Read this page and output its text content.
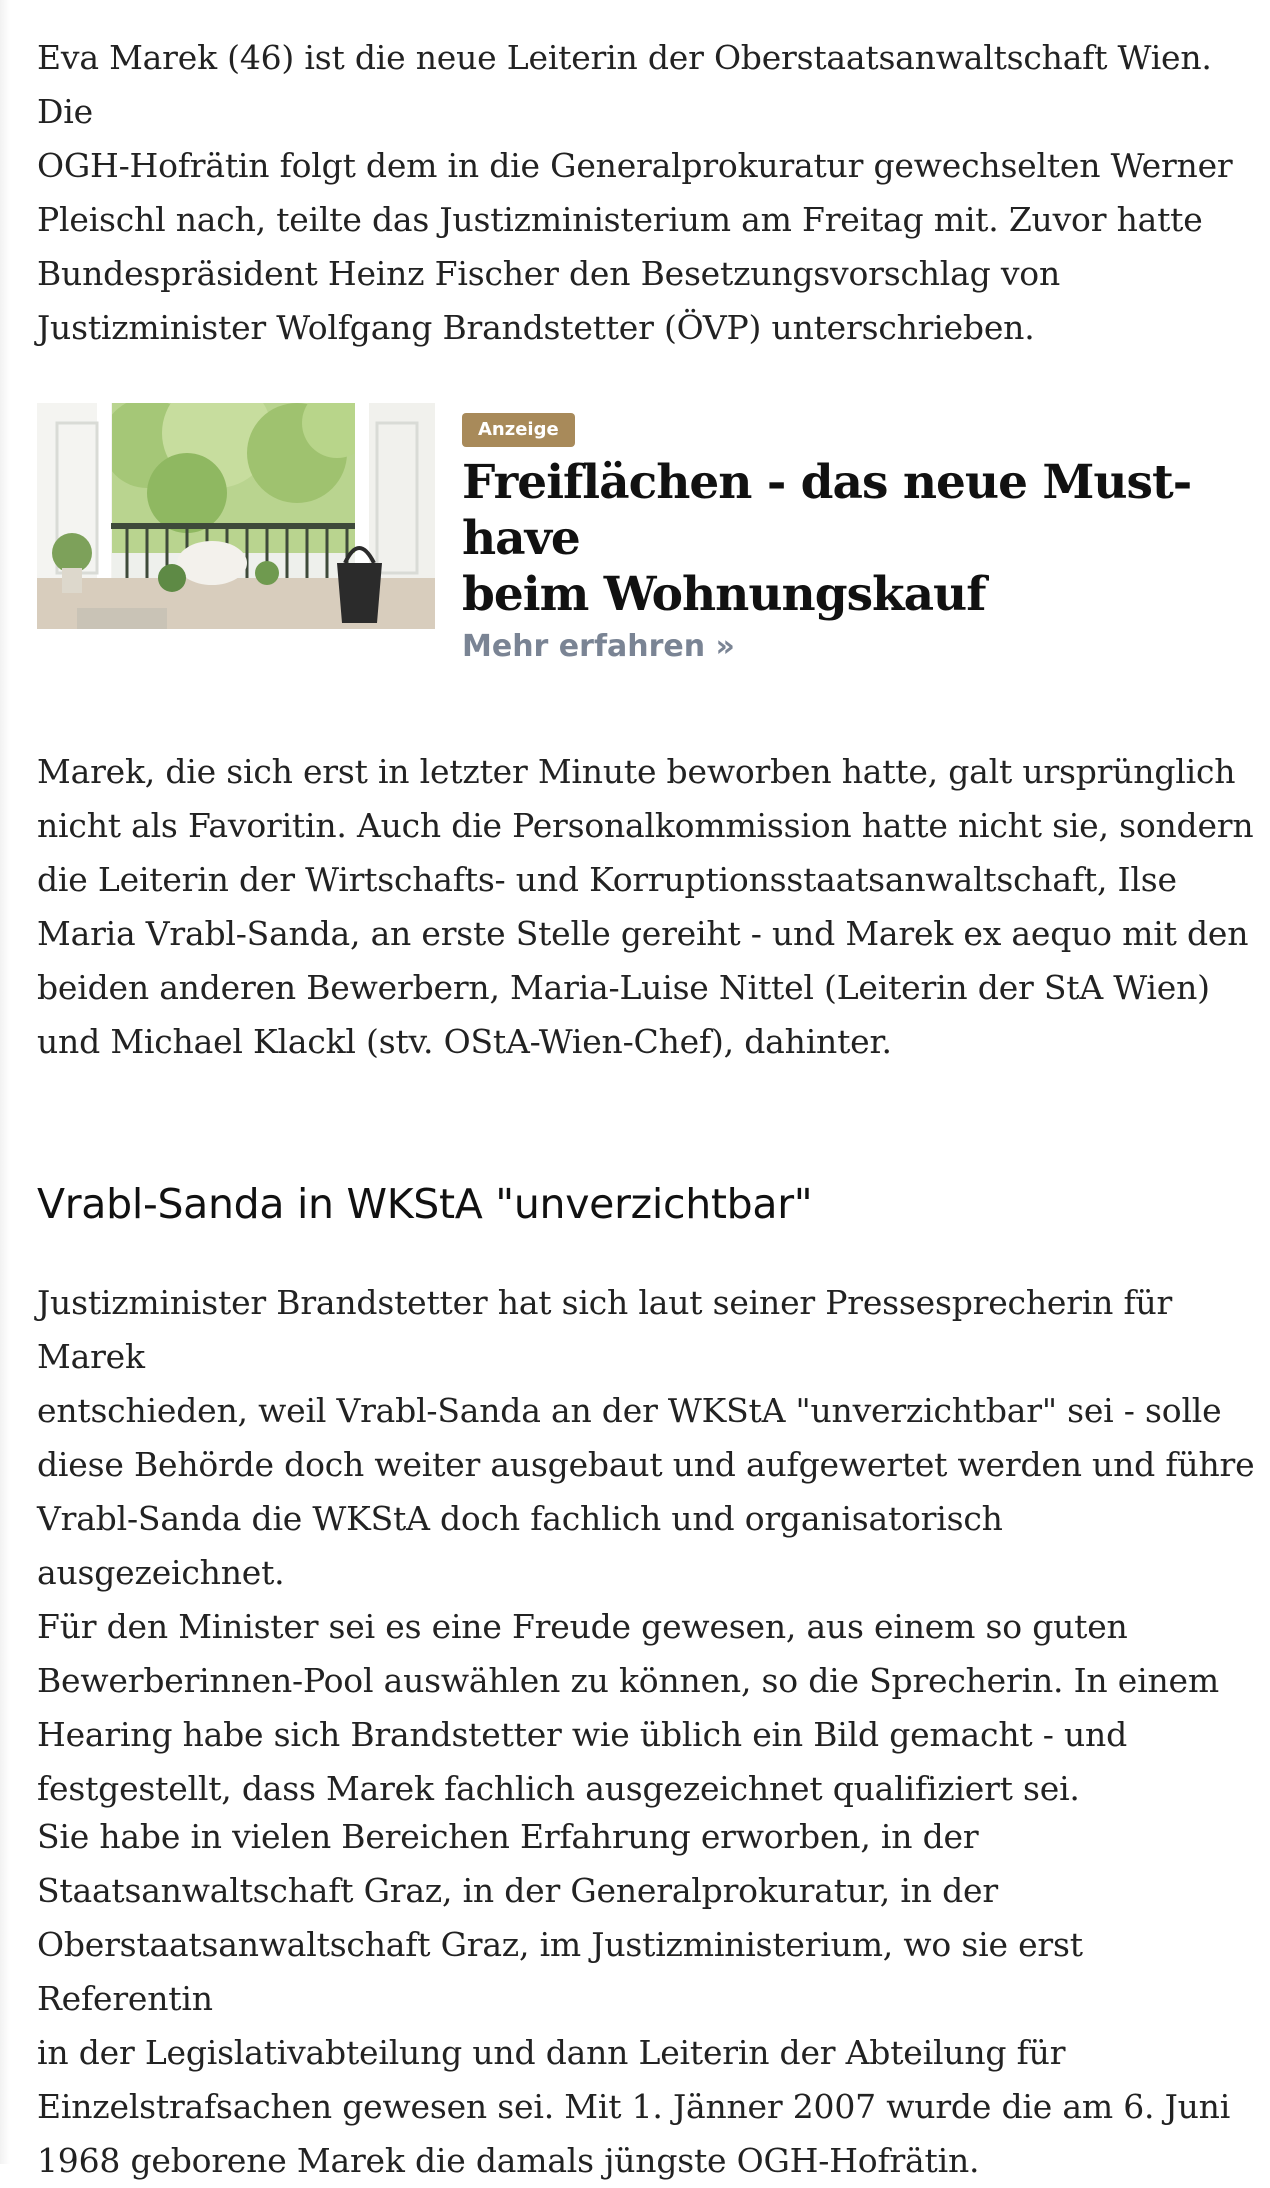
Eva Marek (46) ist die neue Leiterin der Oberstaatsanwaltschaft Wien. Die
OGH-Hofrätin folgt dem in die Generalprokuratur gewechselten Werner
Pleischl nach, teilte das Justizministerium am Freitag mit. Zuvor hatte
Bundespräsident Heinz Fischer den Besetzungsvorschlag von
Justizminister Wolfgang Brandstetter (ÖVP) unterschrieben.

Anzeige
Freiflächen - das neue Must-have
beim Wohnungskauf
Mehr erfahren »

Marek, die sich erst in letzter Minute beworben hatte, galt ursprünglich
nicht als Favoritin. Auch die Personalkommission hatte nicht sie, sondern
die Leiterin der Wirtschafts- und Korruptionsstaatsanwaltschaft, Ilse
Maria Vrabl-Sanda, an erste Stelle gereiht - und Marek ex aequo mit den
beiden anderen Bewerbern, Maria-Luise Nittel (Leiterin der StA Wien)
und Michael Klackl (stv. OStA-Wien-Chef), dahinter.

Vrabl-Sanda in WKStA "unverzichtbar"

Justizminister Brandstetter hat sich laut seiner Pressesprecherin für Marek
entschieden, weil Vrabl-Sanda an der WKStA "unverzichtbar" sei - solle
diese Behörde doch weiter ausgebaut und aufgewertet werden und führe
Vrabl-Sanda die WKStA doch fachlich und organisatorisch ausgezeichnet.
Für den Minister sei es eine Freude gewesen, aus einem so guten
Bewerberinnen-Pool auswählen zu können, so die Sprecherin. In einem
Hearing habe sich Brandstetter wie üblich ein Bild gemacht - und
festgestellt, dass Marek fachlich ausgezeichnet qualifiziert sei.

Sie habe in vielen Bereichen Erfahrung erworben, in der
Staatsanwaltschaft Graz, in der Generalprokuratur, in der
Oberstaatsanwaltschaft Graz, im Justizministerium, wo sie erst Referentin
in der Legislativabteilung und dann Leiterin der Abteilung für
Einzelstrafsachen gewesen sei. Mit 1. Jänner 2007 wurde die am 6. Juni
1968 geborene Marek die damals jüngste OGH-Hofrätin.
